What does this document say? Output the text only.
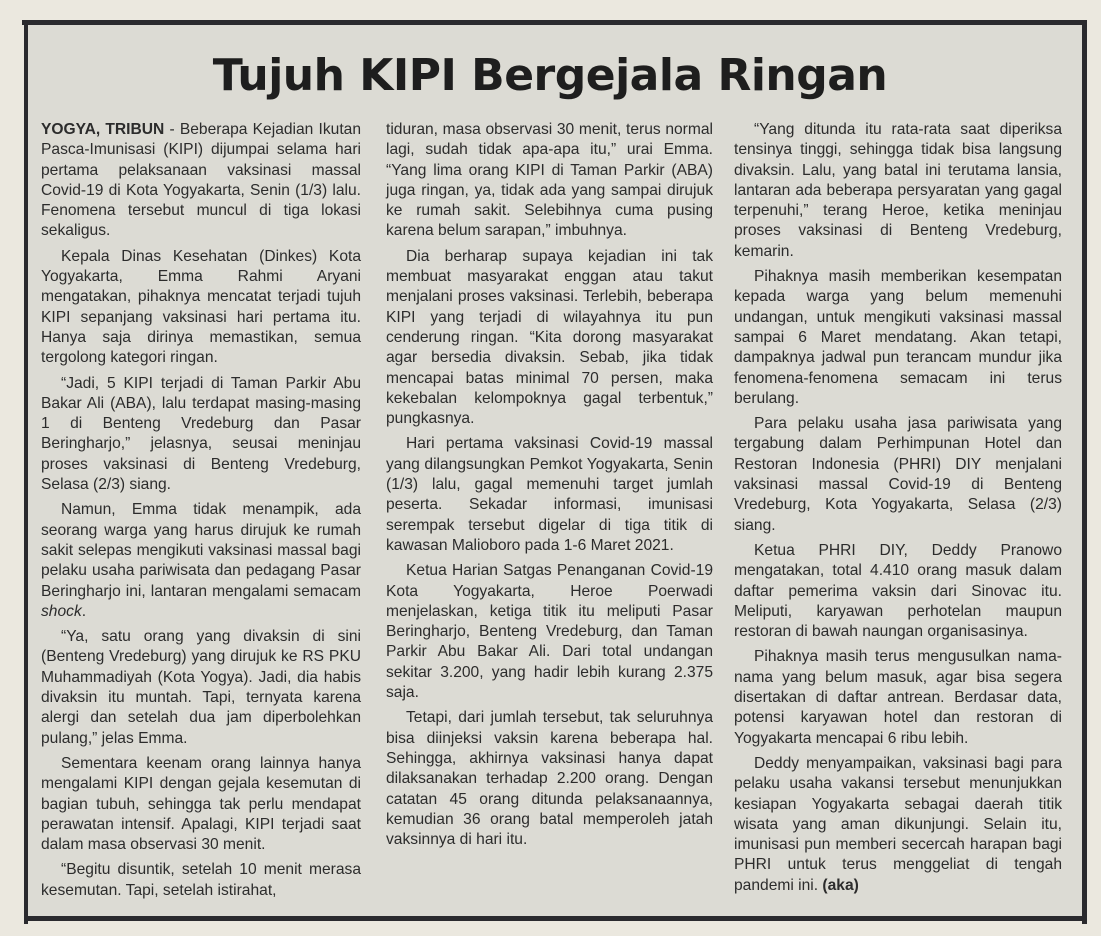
Tujuh KIPI Bergejala Ringan

YOGYA, TRIBUN - Beberapa Kejadian Ikutan Pasca-Imunisasi (KIPI) dijumpai selama hari pertama pelaksanaan vaksinasi massal Covid-19 di Kota Yogyakarta, Senin (1/3) lalu. Fenomena tersebut muncul di tiga lokasi sekaligus.

Kepala Dinas Kesehatan (Dinkes) Kota Yogyakarta, Emma Rahmi Aryani mengatakan, pihaknya mencatat terjadi tujuh KIPI sepanjang vaksinasi hari pertama itu. Hanya saja dirinya memastikan, semua tergolong kategori ringan.

“Jadi, 5 KIPI terjadi di Taman Parkir Abu Bakar Ali (ABA), lalu terdapat masing-masing 1 di Benteng Vredeburg dan Pasar Beringharjo,” jelasnya, seusai meninjau proses vaksinasi di Benteng Vredeburg, Selasa (2/3) siang.

Namun, Emma tidak menampik, ada seorang warga yang harus dirujuk ke rumah sakit selepas mengikuti vaksinasi massal bagi pelaku usaha pariwisata dan pedagang Pasar Beringharjo ini, lantaran mengalami semacam shock.

“Ya, satu orang yang divaksin di sini (Benteng Vredeburg) yang dirujuk ke RS PKU Muhammadiyah (Kota Yogya). Jadi, dia habis divaksin itu muntah. Tapi, ternyata karena alergi dan setelah dua jam diperbolehkan pulang,” jelas Emma.

Sementara keenam orang lainnya hanya mengalami KIPI dengan gejala kesemutan di bagian tubuh, sehingga tak perlu mendapat perawatan intensif. Apalagi, KIPI terjadi saat dalam masa observasi 30 menit.

“Begitu disuntik, setelah 10 menit merasa kesemutan. Tapi, setelah istirahat,

tiduran, masa observasi 30 menit, terus normal lagi, sudah tidak apa-apa itu,” urai Emma. “Yang lima orang KIPI di Taman Parkir (ABA) juga ringan, ya, tidak ada yang sampai dirujuk ke rumah sakit. Selebihnya cuma pusing karena belum sarapan,” imbuhnya.

Dia berharap supaya kejadian ini tak membuat masyarakat enggan atau takut menjalani proses vaksinasi. Terlebih, beberapa KIPI yang terjadi di wilayahnya itu pun cenderung ringan. “Kita dorong masyarakat agar bersedia divaksin. Sebab, jika tidak mencapai batas minimal 70 persen, maka kekebalan kelompoknya gagal terbentuk,” pungkasnya.

Hari pertama vaksinasi Covid-19 massal yang dilangsungkan Pemkot Yogyakarta, Senin (1/3) lalu, gagal memenuhi target jumlah peserta. Sekadar informasi, imunisasi serempak tersebut digelar di tiga titik di kawasan Malioboro pada 1-6 Maret 2021.

Ketua Harian Satgas Penanganan Covid-19 Kota Yogyakarta, Heroe Poerwadi menjelaskan, ketiga titik itu meliputi Pasar Beringharjo, Benteng Vredeburg, dan Taman Parkir Abu Bakar Ali. Dari total undangan sekitar 3.200, yang hadir lebih kurang 2.375 saja.

Tetapi, dari jumlah tersebut, tak seluruhnya bisa diinjeksi vaksin karena beberapa hal. Sehingga, akhirnya vaksinasi hanya dapat dilaksanakan terhadap 2.200 orang. Dengan catatan 45 orang ditunda pelaksanaannya, kemudian 36 orang batal memperoleh jatah vaksinnya di hari itu.

“Yang ditunda itu rata-rata saat diperiksa tensinya tinggi, sehingga tidak bisa langsung divaksin. Lalu, yang batal ini terutama lansia, lantaran ada beberapa persyaratan yang gagal terpenuhi,” terang Heroe, ketika meninjau proses vaksinasi di Benteng Vredeburg, kemarin.

Pihaknya masih memberikan kesempatan kepada warga yang belum memenuhi undangan, untuk mengikuti vaksinasi massal sampai 6 Maret mendatang. Akan tetapi, dampaknya jadwal pun terancam mundur jika fenomena-fenomena semacam ini terus berulang.

Para pelaku usaha jasa pariwisata yang tergabung dalam Perhimpunan Hotel dan Restoran Indonesia (PHRI) DIY menjalani vaksinasi massal Covid-19 di Benteng Vredeburg, Kota Yogyakarta, Selasa (2/3) siang.

Ketua PHRI DIY, Deddy Pranowo mengatakan, total 4.410 orang masuk dalam daftar pemerima vaksin dari Sinovac itu. Meliputi, karyawan perhotelan maupun restoran di bawah naungan organisasinya.

Pihaknya masih terus mengusulkan nama-nama yang belum masuk, agar bisa segera disertakan di daftar antrean. Berdasar data, potensi karyawan hotel dan restoran di Yogyakarta mencapai 6 ribu lebih.

Deddy menyampaikan, vaksinasi bagi para pelaku usaha vakansi tersebut menunjukkan kesiapan Yogyakarta sebagai daerah titik wisata yang aman dikunjungi. Selain itu, imunisasi pun memberi secercah harapan bagi PHRI untuk terus menggeliat di tengah pandemi ini. (aka)
